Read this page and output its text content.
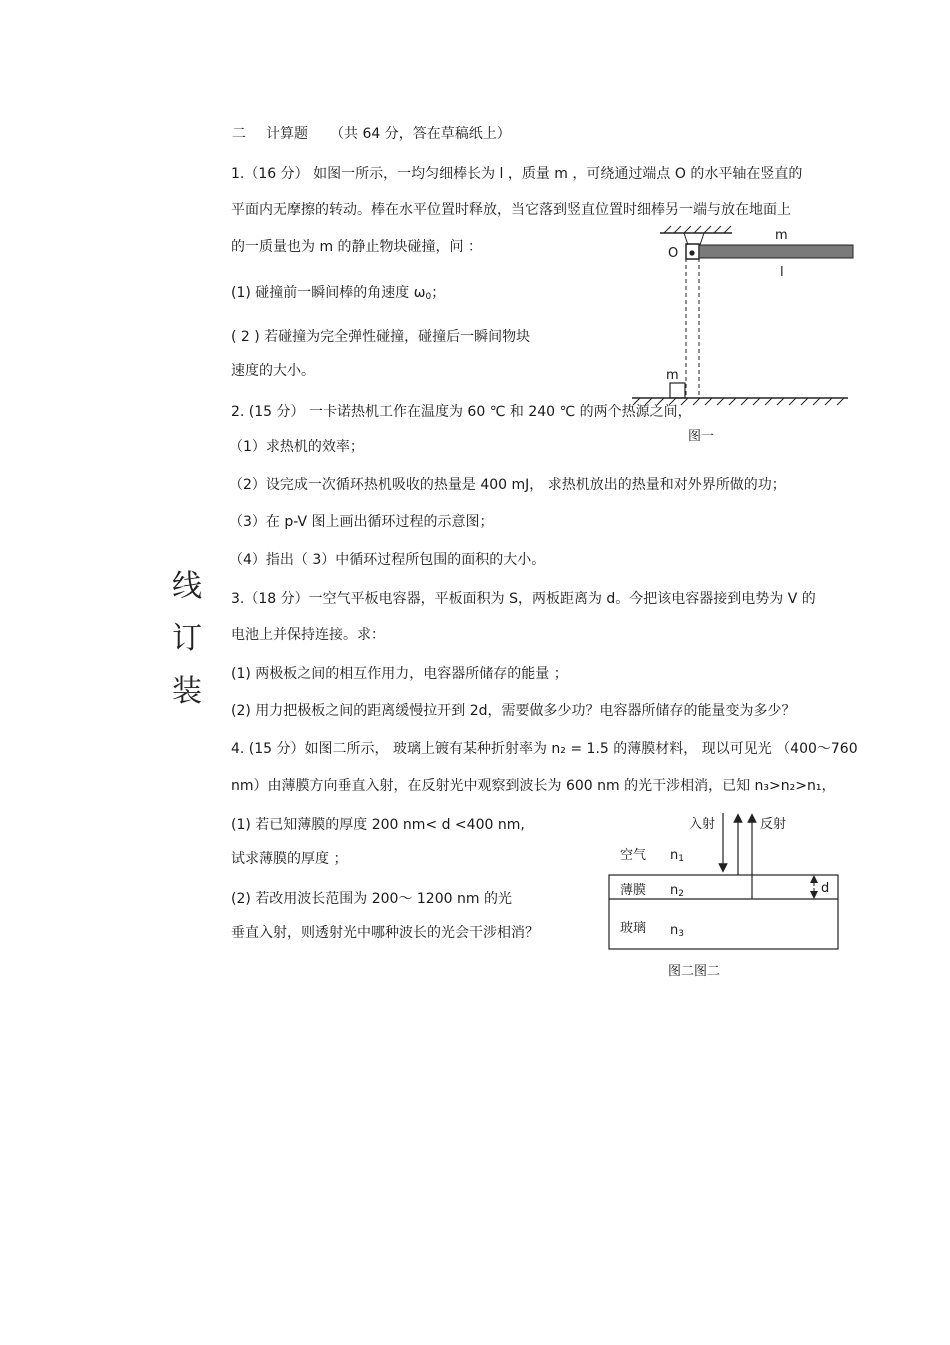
二 计算题 （共 64 分，答在草稿纸上）
线
订
装
1.（16 分） 如图一所示，一均匀细棒长为 l ，质量 m ，可绕通过端点 O 的水平轴在竖直的
平面内无摩擦的转动。棒在水平位置时释放，当它落到竖直位置时细棒另一端与放在地面上
的一质量也为 m 的静止物块碰撞，问 ：
(1) 碰撞前一瞬间棒的角速度 $\omega_0$；
( 2 ) 若碰撞为完全弹性碰撞，碰撞后一瞬间物块
速度的大小。
O
m
l
m
图一
2. (15 分） 一卡诺热机工作在温度为 60 ℃ 和 240 ℃ 的两个热源之间，
（1）求热机的效率；
（2）设完成一次循环热机吸收的热量是 400 mJ， 求热机放出的热量和对外界所做的功；
（3）在 p-V 图上画出循环过程的示意图；
（4）指出（ 3）中循环过程所包围的面积的大小。
3.（18 分）一空气平板电容器，平板面积为 S，两板距离为 d。今把该电容器接到电势为 V 的
电池上并保持连接。求：
(1) 两极板之间的相互作用力，电容器所储存的能量 ；
(2) 用力把极板之间的距离缓慢拉开到 2d，需要做多少功？电容器所储存的能量变为多少？
4. (15 分）如图二所示， 玻璃上镀有某种折射率为 n₂ = 1.5 的薄膜材料， 现以可见光 （400～760
nm）由薄膜方向垂直入射，在反射光中观察到波长为 600 nm 的光干涉相消，已知 n₃>n₂>n₁，
(1) 若已知薄膜的厚度 200 nm< d <400 nm,
试求薄膜的厚度 ；
(2) 若改用波长范围为 200～ 1200 nm 的光
垂直入射，则透射光中哪种波长的光会干涉相消？
入射	反射
空气 $n_1$
薄膜 $n_2$
玻璃 $n_3$
d
图二图二
